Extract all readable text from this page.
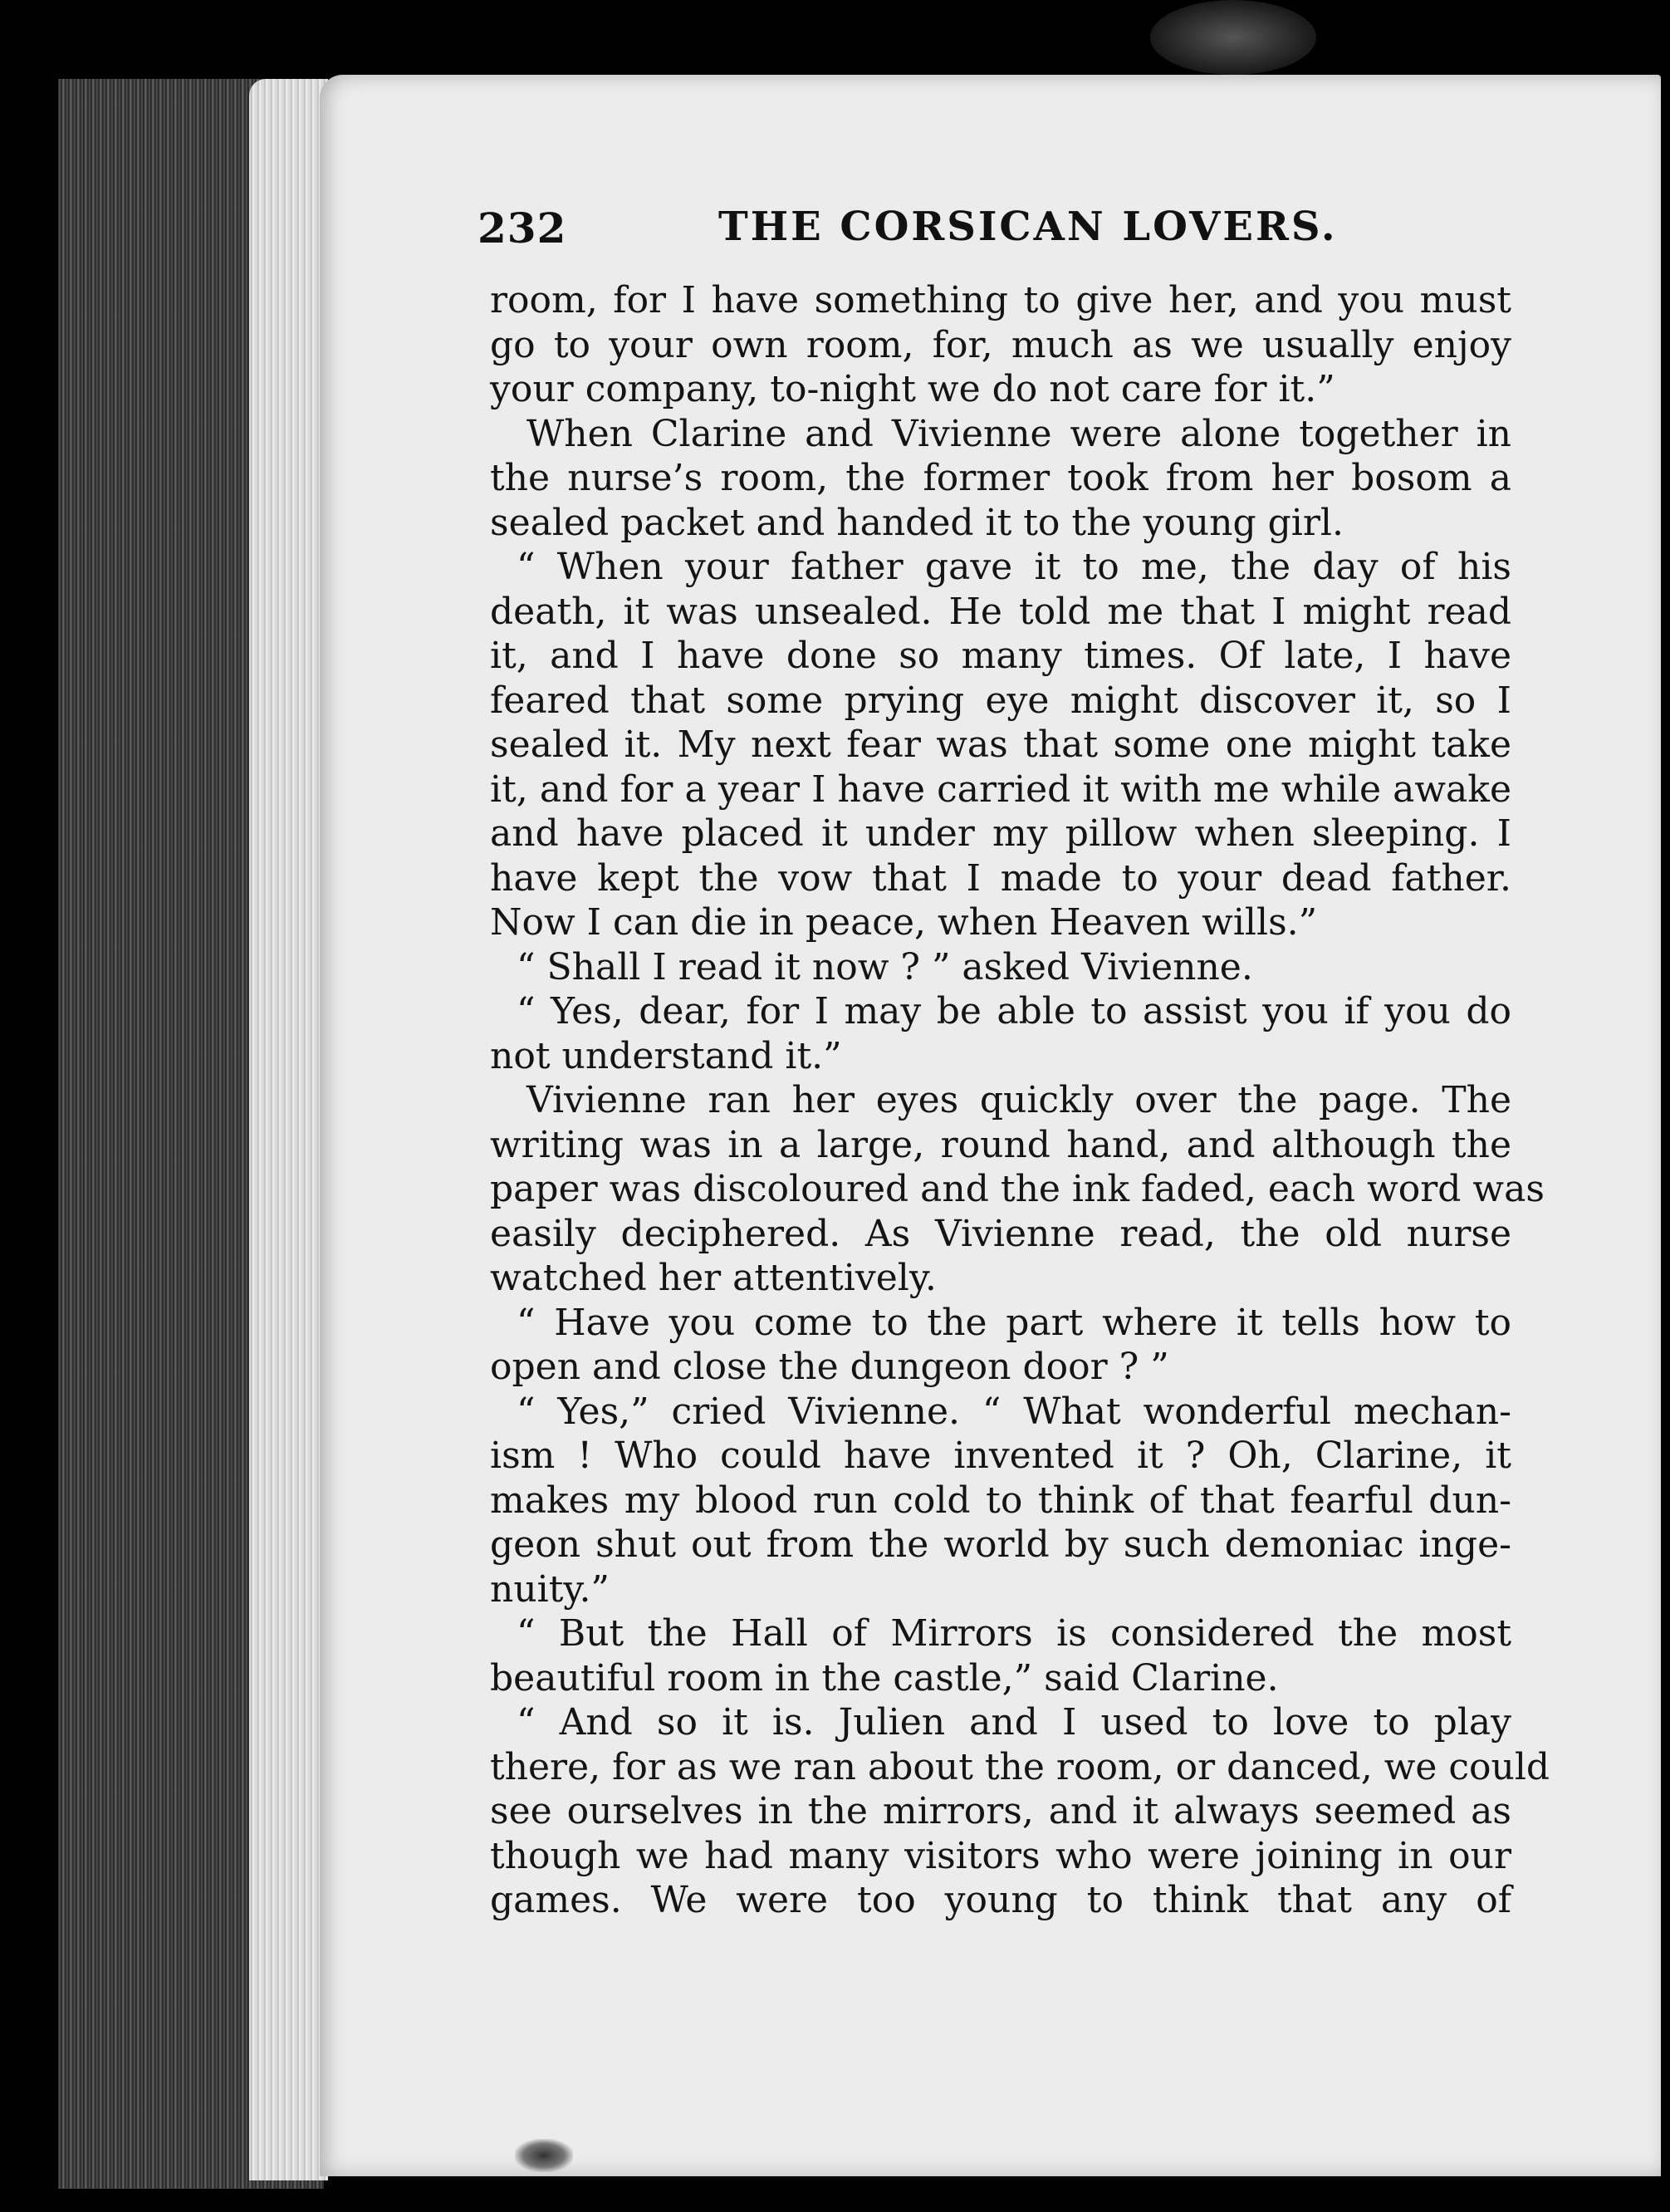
232	THE CORSICAN LOVERS.
room, for I have something to give her, and you must
go to your own room, for, much as we usually enjoy
your company, to-night we do not care for it.”
When Clarine and Vivienne were alone together in
the nurse’s room, the former took from her bosom a
sealed packet and handed it to the young girl.
“ When your father gave it to me, the day of his
death, it was unsealed. He told me that I might read
it, and I have done so many times. Of late, I have
feared that some prying eye might discover it, so I
sealed it. My next fear was that some one might take
it, and for a year I have carried it with me while awake
and have placed it under my pillow when sleeping. I
have kept the vow that I made to your dead father.
Now I can die in peace, when Heaven wills.”
“ Shall I read it now ? ” asked Vivienne.
“ Yes, dear, for I may be able to assist you if you do
not understand it.”
Vivienne ran her eyes quickly over the page. The
writing was in a large, round hand, and although the
paper was discoloured and the ink faded, each word was
easily deciphered. As Vivienne read, the old nurse
watched her attentively.
“ Have you come to the part where it tells how to
open and close the dungeon door ? ”
“ Yes,” cried Vivienne. “ What wonderful mechan-
ism ! Who could have invented it ? Oh, Clarine, it
makes my blood run cold to think of that fearful dun-
geon shut out from the world by such demoniac inge-
nuity.”
“ But the Hall of Mirrors is considered the most
beautiful room in the castle,” said Clarine.
“ And so it is. Julien and I used to love to play
there, for as we ran about the room, or danced, we could
see ourselves in the mirrors, and it always seemed as
though we had many visitors who were joining in our
games. We were too young to think that any of
